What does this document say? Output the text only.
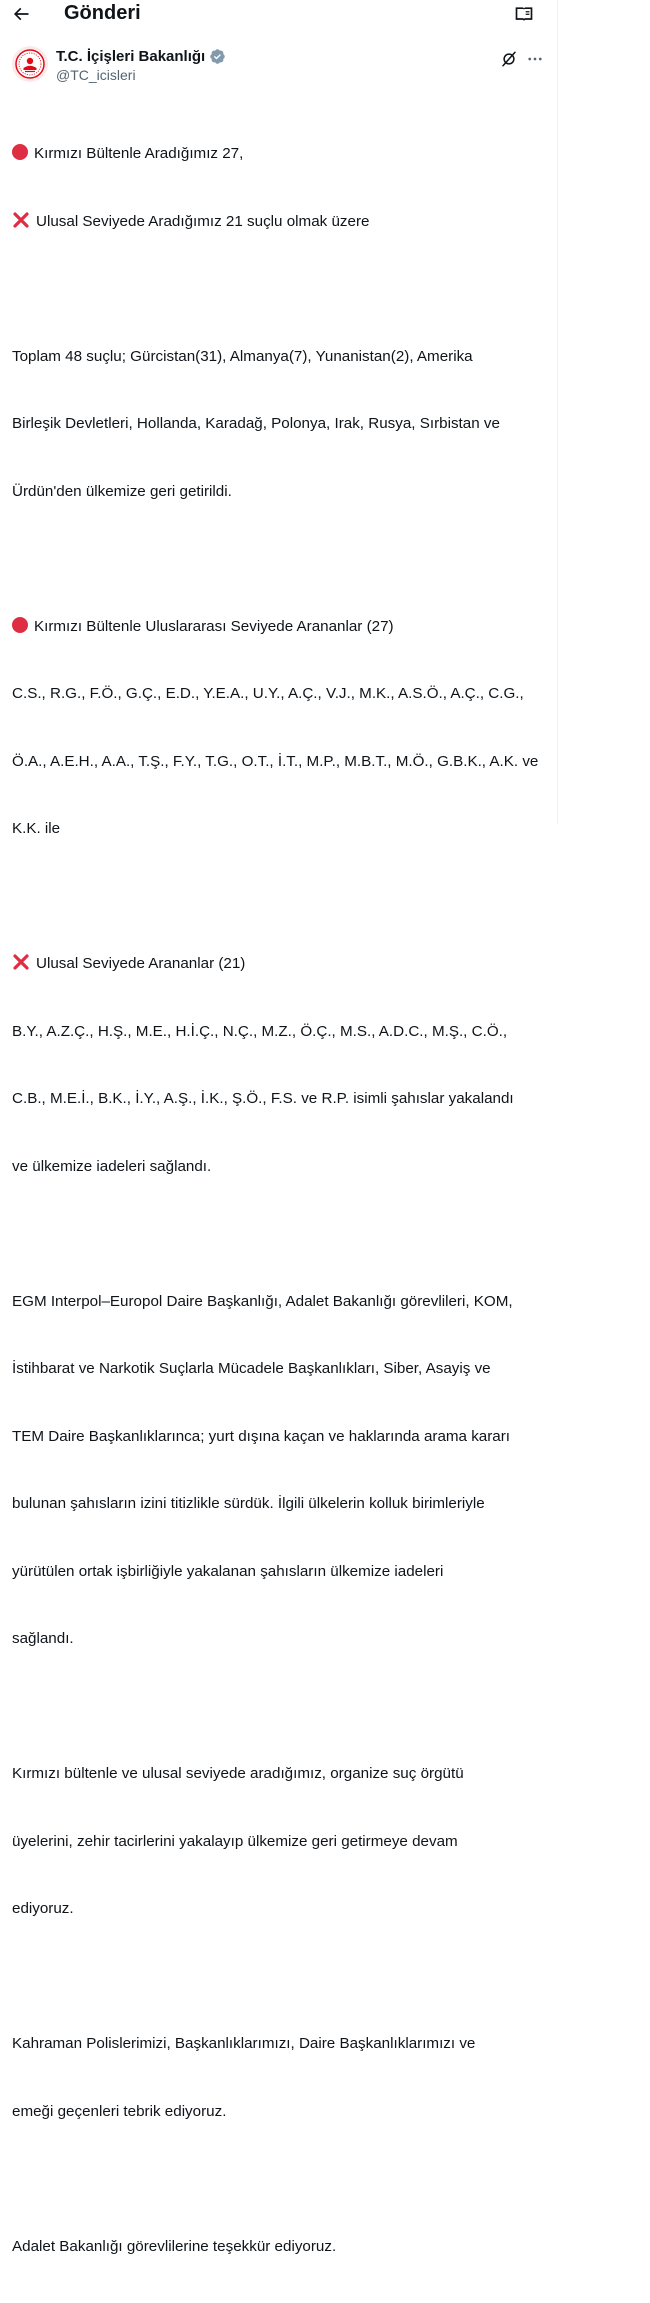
Gönderi
T.C. İçişleri Bakanlığı
@TC_icisleri

Kırmızı Bültenle Aradığımız 27,

Ulusal Seviyede Aradığımız 21 suçlu olmak üzere

Toplam 48 suçlu; Gürcistan(31), Almanya(7), Yunanistan(2), Amerika

Birleşik Devletleri, Hollanda, Karadağ, Polonya, Irak, Rusya, Sırbistan ve

Ürdün'den ülkemize geri getirildi.

Kırmızı Bültenle Uluslararası Seviyede Arananlar (27)

C.S., R.G., F.Ö., G.Ç., E.D., Y.E.A., U.Y., A.Ç., V.J., M.K., A.S.Ö., A.Ç., C.G.,

Ö.A., A.E.H., A.A., T.Ş., F.Y., T.G., O.T., İ.T., M.P., M.B.T., M.Ö., G.B.K., A.K. ve

K.K. ile

Ulusal Seviyede Arananlar (21)

B.Y., A.Z.Ç., H.Ş., M.E., H.İ.Ç., N.Ç., M.Z., Ö.Ç., M.S., A.D.C., M.Ş., C.Ö.,

C.B., M.E.İ., B.K., İ.Y., A.Ş., İ.K., Ş.Ö., F.S. ve R.P. isimli şahıslar yakalandı

ve ülkemize iadeleri sağlandı.

EGM Interpol–Europol Daire Başkanlığı, Adalet Bakanlığı görevlileri, KOM,

İstihbarat ve Narkotik Suçlarla Mücadele Başkanlıkları, Siber, Asayiş ve

TEM Daire Başkanlıklarınca; yurt dışına kaçan ve haklarında arama kararı

bulunan şahısların izini titizlikle sürdük. İlgili ülkelerin kolluk birimleriyle

yürütülen ortak işbirliğiyle yakalanan şahısların ülkemize iadeleri

sağlandı.

Kırmızı bültenle ve ulusal seviyede aradığımız, organize suç örgütü

üyelerini, zehir tacirlerini yakalayıp ülkemize geri getirmeye devam

ediyoruz.

Kahraman Polislerimizi, Başkanlıklarımızı, Daire Başkanlıklarımızı ve

emeği geçenleri tebrik ediyoruz.

Adalet Bakanlığı görevlilerine teşekkür ediyoruz.
